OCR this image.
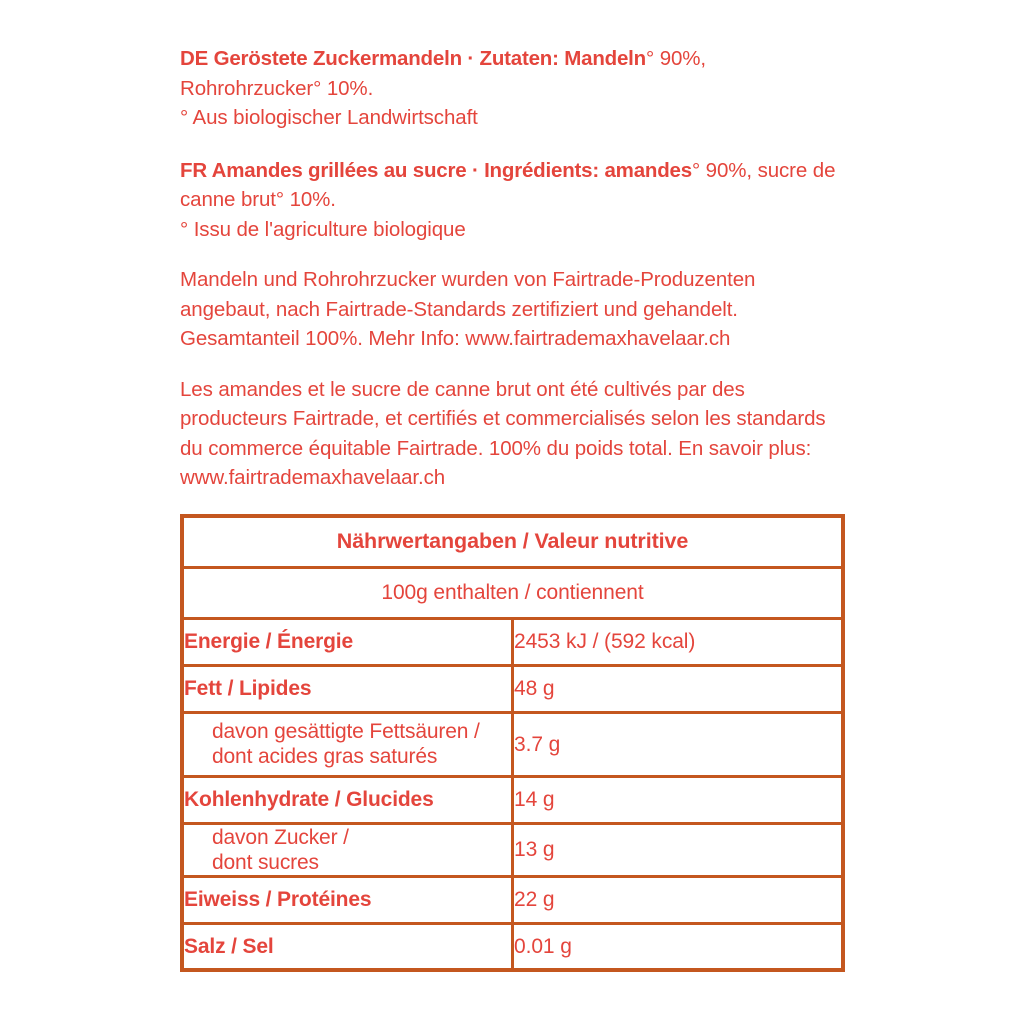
DE Geröstete Zuckermandeln · Zutaten: Mandeln° 90%, Rohrohrzucker° 10%.
° Aus biologischer Landwirtschaft

FR Amandes grillées au sucre · Ingrédients: amandes° 90%, sucre de canne brut° 10%.
° Issu de l'agriculture biologique

Mandeln und Rohrohrzucker wurden von Fairtrade-Produzenten angebaut, nach Fairtrade-Standards zertifiziert und gehandelt. Gesamtanteil 100%. Mehr Info: www.fairtrademaxhavelaar.ch

Les amandes et le sucre de canne brut ont été cultivés par des producteurs Fairtrade, et certifiés et commercialisés selon les standards du commerce équitable Fairtrade. 100% du poids total. En savoir plus: www.fairtrademaxhavelaar.ch

Nährwertangaben / Valeur nutritive	
100g enthalten / contiennent	
Energie / Énergie	2453 kJ / (592 kcal)
Fett / Lipides	48 g
davon gesättigte Fettsäuren /
dont acides gras saturés	3.7 g
Kohlenhydrate / Glucides	14 g
davon Zucker /
dont sucres	13 g
Eiweiss / Protéines	22 g
Salz / Sel	0.01 g
